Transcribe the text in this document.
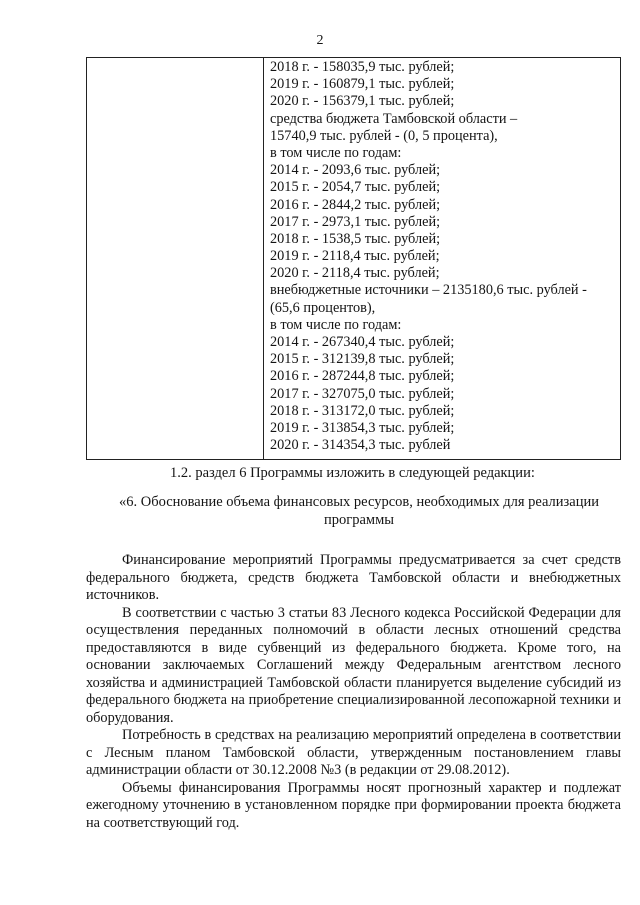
2
2018 г. - 158035,9 тыс. рублей;
2019 г. - 160879,1 тыс. рублей;
2020 г. - 156379,1 тыс. рублей;
средства бюджета Тамбовской области –
15740,9 тыс. рублей - (0, 5 процента),
в том числе по годам:
2014 г. - 2093,6 тыс. рублей;
2015 г. - 2054,7 тыс. рублей;
2016 г. - 2844,2 тыс. рублей;
2017 г. - 2973,1 тыс. рублей;
2018 г. - 1538,5 тыс. рублей;
2019 г. - 2118,4 тыс. рублей;
2020 г. - 2118,4 тыс. рублей;
внебюджетные источники – 2135180,6 тыс. рублей -
(65,6 процентов),
в том числе по годам:
2014 г. - 267340,4 тыс. рублей;
2015 г. - 312139,8 тыс. рублей;
2016 г. - 287244,8 тыс. рублей;
2017 г. - 327075,0 тыс. рублей;
2018 г. - 313172,0 тыс. рублей;
2019 г. - 313854,3 тыс. рублей;
2020 г. - 314354,3 тыс. рублей
1.2. раздел 6 Программы изложить в следующей редакции:
«6. Обоснование объема финансовых ресурсов, необходимых для реализации программы

Финансирование мероприятий Программы предусматривается за счет средств федерального бюджета, средств бюджета Тамбовской области и внебюджетных источников.

В соответствии с частью 3 статьи 83 Лесного кодекса Российской Федерации для осуществления переданных полномочий в области лесных отношений средства предоставляются в виде субвенций из федерального бюджета. Кроме того, на основании заключаемых Соглашений между Федеральным агентством лесного хозяйства и администрацией Тамбовской области планируется выделение субсидий из федерального бюджета на приобретение специализированной лесопожарной техники и оборудования.

Потребность в средствах на реализацию мероприятий определена в соответствии с Лесным планом Тамбовской области, утвержденным постановлением главы администрации области от 30.12.2008 №3 (в редакции от 29.08.2012).

Объемы финансирования Программы носят прогнозный характер и подлежат ежегодному уточнению в установленном порядке при формировании проекта бюджета на соответствующий год.
